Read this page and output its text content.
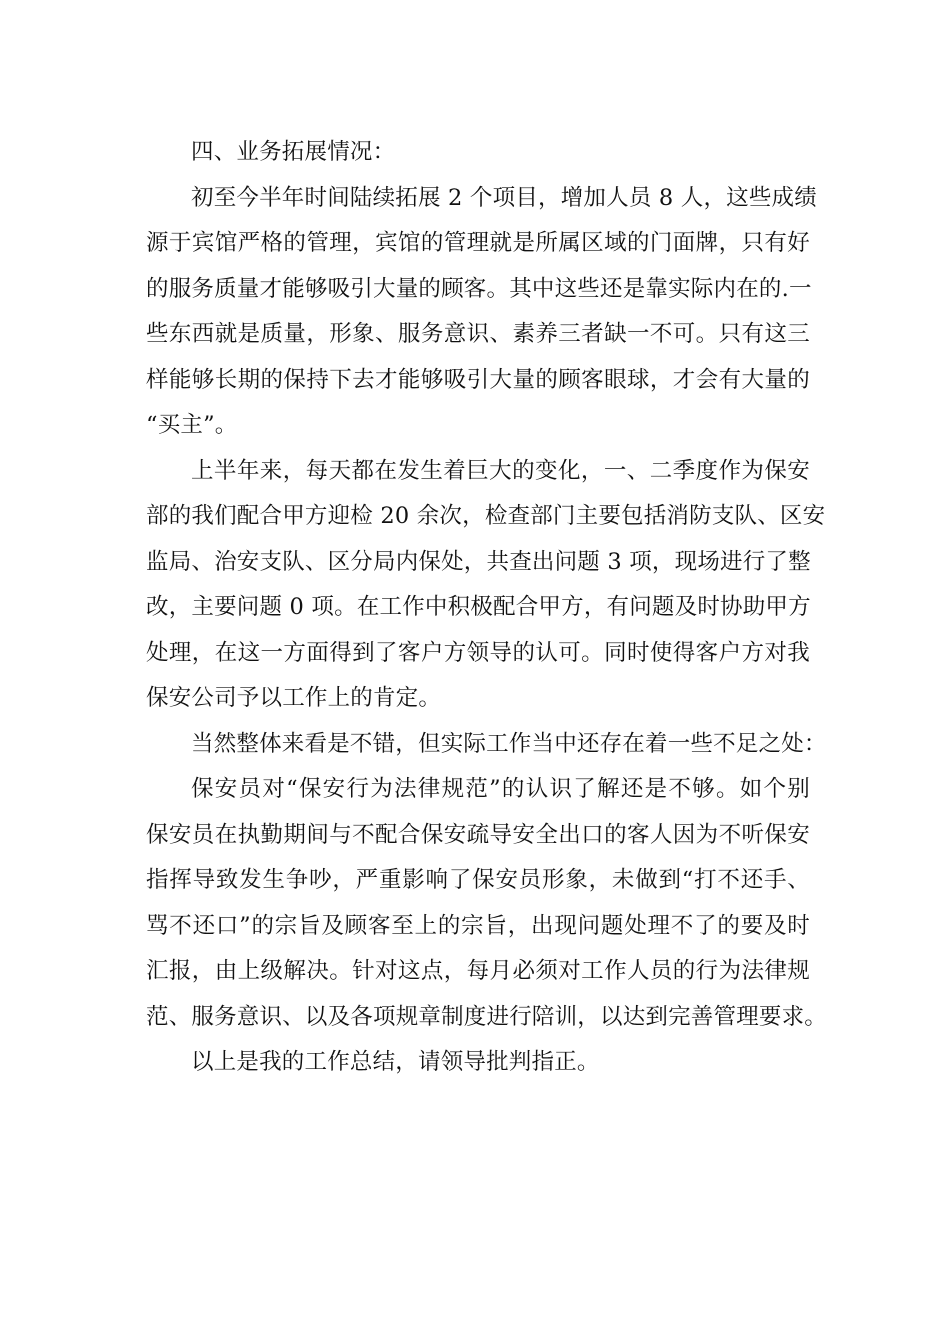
四、业务拓展情况：

初至今半年时间陆续拓展 2 个项目，增加人员 8 人，这些成绩
源于宾馆严格的管理，宾馆的管理就是所属区域的门面牌，只有好
的服务质量才能够吸引大量的顾客。其中这些还是靠实际内在的.一
些东西就是质量，形象、服务意识、素养三者缺一不可。只有这三
样能够长期的保持下去才能够吸引大量的顾客眼球，才会有大量的
“买主”。

上半年来，每天都在发生着巨大的变化，一、二季度作为保安
部的我们配合甲方迎检 20 余次，检查部门主要包括消防支队、区安
监局、治安支队、区分局内保处，共查出问题 3 项，现场进行了整
改，主要问题 0 项。在工作中积极配合甲方，有问题及时协助甲方
处理，在这一方面得到了客户方领导的认可。同时使得客户方对我
保安公司予以工作上的肯定。

当然整体来看是不错，但实际工作当中还存在着一些不足之处：

保安员对“保安行为法律规范”的认识了解还是不够。如个别
保安员在执勤期间与不配合保安疏导安全出口的客人因为不听保安
指挥导致发生争吵，严重影响了保安员形象，未做到“打不还手、
骂不还口”的宗旨及顾客至上的宗旨，出现问题处理不了的要及时
汇报，由上级解决。针对这点，每月必须对工作人员的行为法律规
范、服务意识、以及各项规章制度进行陪训，以达到完善管理要求。

以上是我的工作总结，请领导批判指正。
